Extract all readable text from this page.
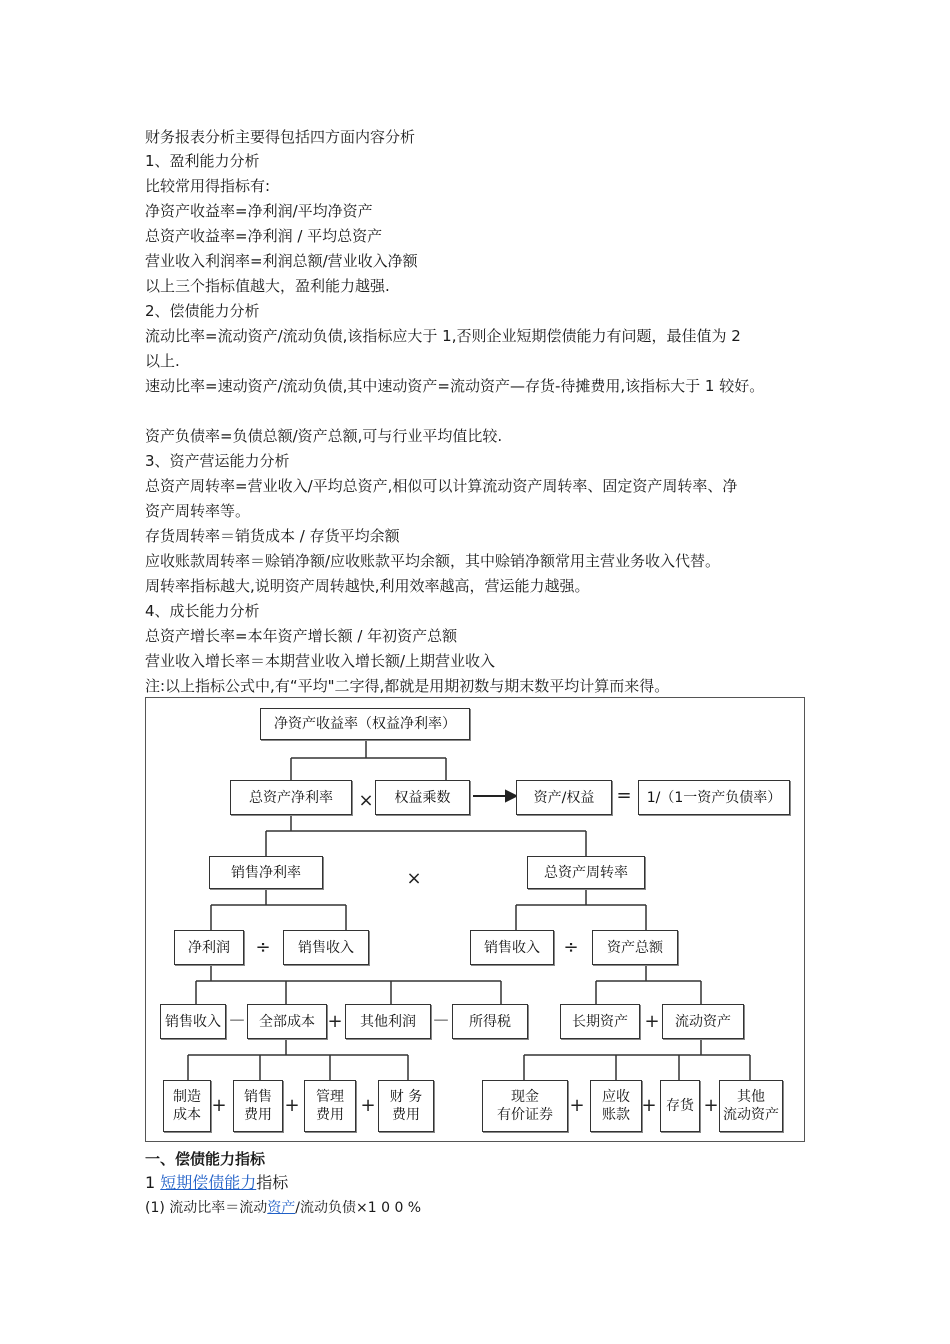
财务报表分析主要得包括四方面内容分析
1、盈利能力分析
比较常用得指标有:
净资产收益率=净利润/平均净资产
总资产收益率=净利润 / 平均总资产
营业收入利润率=利润总额/营业收入净额
以上三个指标值越大，盈利能力越强.
2、偿债能力分析
流动比率=流动资产/流动负债,该指标应大于 1,否则企业短期偿债能力有问题，最佳值为 2
以上.
速动比率=速动资产/流动负债,其中速动资产=流动资产—存货-待摊费用,该指标大于 1 较好。
资产负债率=负债总额/资产总额,可与行业平均值比较.
3、资产营运能力分析
总资产周转率=营业收入/平均总资产,相似可以计算流动资产周转率、固定资产周转率、净
资产周转率等。
存货周转率＝销货成本 / 存货平均余额
应收账款周转率＝赊销净额/应收账款平均余额，其中赊销净额常用主营业务收入代替。
周转率指标越大,说明资产周转越快,利用效率越高，营运能力越强。
4、成长能力分析
总资产增长率=本年资产增长额 / 年初资产总额
营业收入增长率＝本期营业收入增长额/上期营业收入
注:以上指标公式中,有“平均"二字得,都就是用期初数与期末数平均计算而来得。
净资产收益率（权益净利率）
总资产净利率	×	权益乘数	资产/权益	=	1/（1一资产负债率）
销售净利率	×	总资产周转率
净利润	÷	销售收入	销售收入	÷	资产总额
销售收入 － 全部成本 +	其他利润 －	所得税	长期资产 +	流动资产
制造
成本 +	销售
费用 +	管理
费用 +	财 务
费用
现金
有价证券 +	应收
账款 + 存货 +	其他
流动资产
一、偿债能力指标
1 短期偿债能力指标
(1) 流动比率＝流动资产/流动负债×1 0 0 %
